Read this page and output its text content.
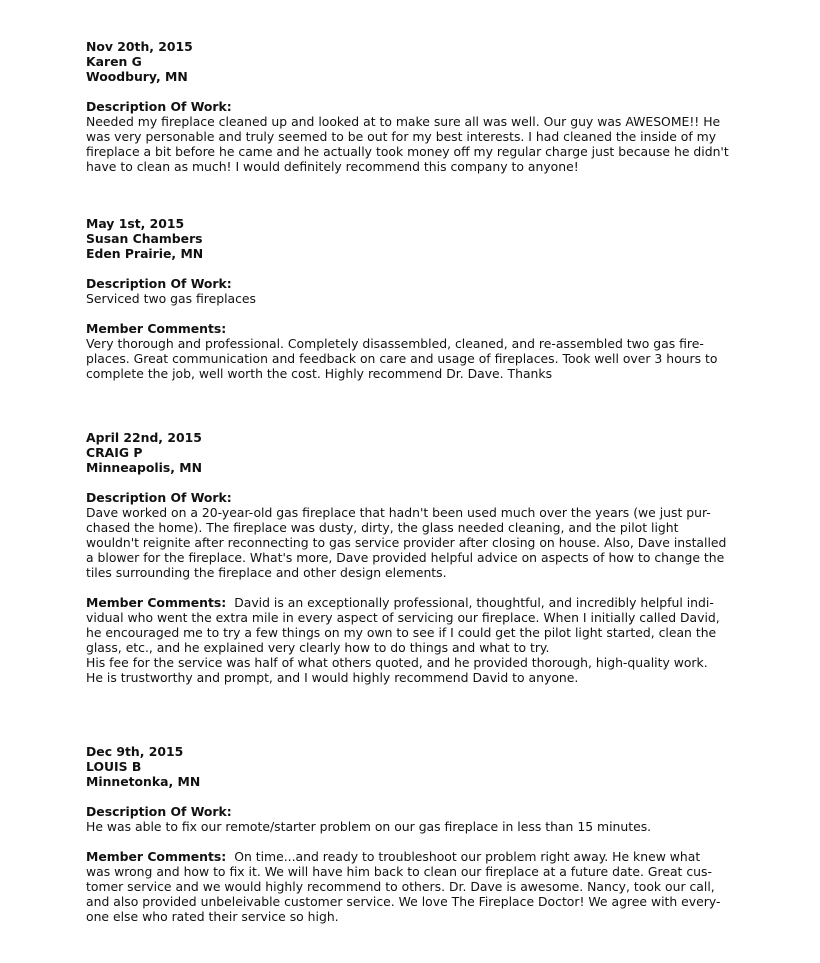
Nov 20th, 2015
Karen G
Woodbury, MN
Description Of Work:

Needed my fireplace cleaned up and looked at to make sure all was well. Our guy was AWESOME!! He
was very personable and truly seemed to be out for my best interests. I had cleaned the inside of my
fireplace a bit before he came and he actually took money off my regular charge just because he didn't
have to clean as much! I would definitely recommend this company to anyone!

May 1st, 2015
Susan Chambers
Eden Prairie, MN
Description Of Work:

Serviced two gas fireplaces

Member Comments:

Very thorough and professional. Completely disassembled, cleaned, and re-assembled two gas fire-
places. Great communication and feedback on care and usage of fireplaces. Took well over 3 hours to
complete the job, well worth the cost. Highly recommend Dr. Dave. Thanks

April 22nd, 2015
CRAIG P
Minneapolis, MN
Description Of Work:

Dave worked on a 20-year-old gas fireplace that hadn't been used much over the years (we just pur-
chased the home). The fireplace was dusty, dirty, the glass needed cleaning, and the pilot light
wouldn't reignite after reconnecting to gas service provider after closing on house. Also, Dave installed
a blower for the fireplace. What's more, Dave provided helpful advice on aspects of how to change the
tiles surrounding the fireplace and other design elements.

Member Comments: David is an exceptionally professional, thoughtful, and incredibly helpful indi-
vidual who went the extra mile in every aspect of servicing our fireplace. When I initially called David,
he encouraged me to try a few things on my own to see if I could get the pilot light started, clean the
glass, etc., and he explained very clearly how to do things and what to try.
His fee for the service was half of what others quoted, and he provided thorough, high-quality work.
He is trustworthy and prompt, and I would highly recommend David to anyone.

Dec 9th, 2015
LOUIS B
Minnetonka, MN
Description Of Work:

He was able to fix our remote/starter problem on our gas fireplace in less than 15 minutes.

Member Comments: On time...and ready to troubleshoot our problem right away. He knew what
was wrong and how to fix it. We will have him back to clean our fireplace at a future date. Great cus-
tomer service and we would highly recommend to others. Dr. Dave is awesome. Nancy, took our call,
and also provided unbeleivable customer service. We love The Fireplace Doctor! We agree with every-
one else who rated their service so high.
